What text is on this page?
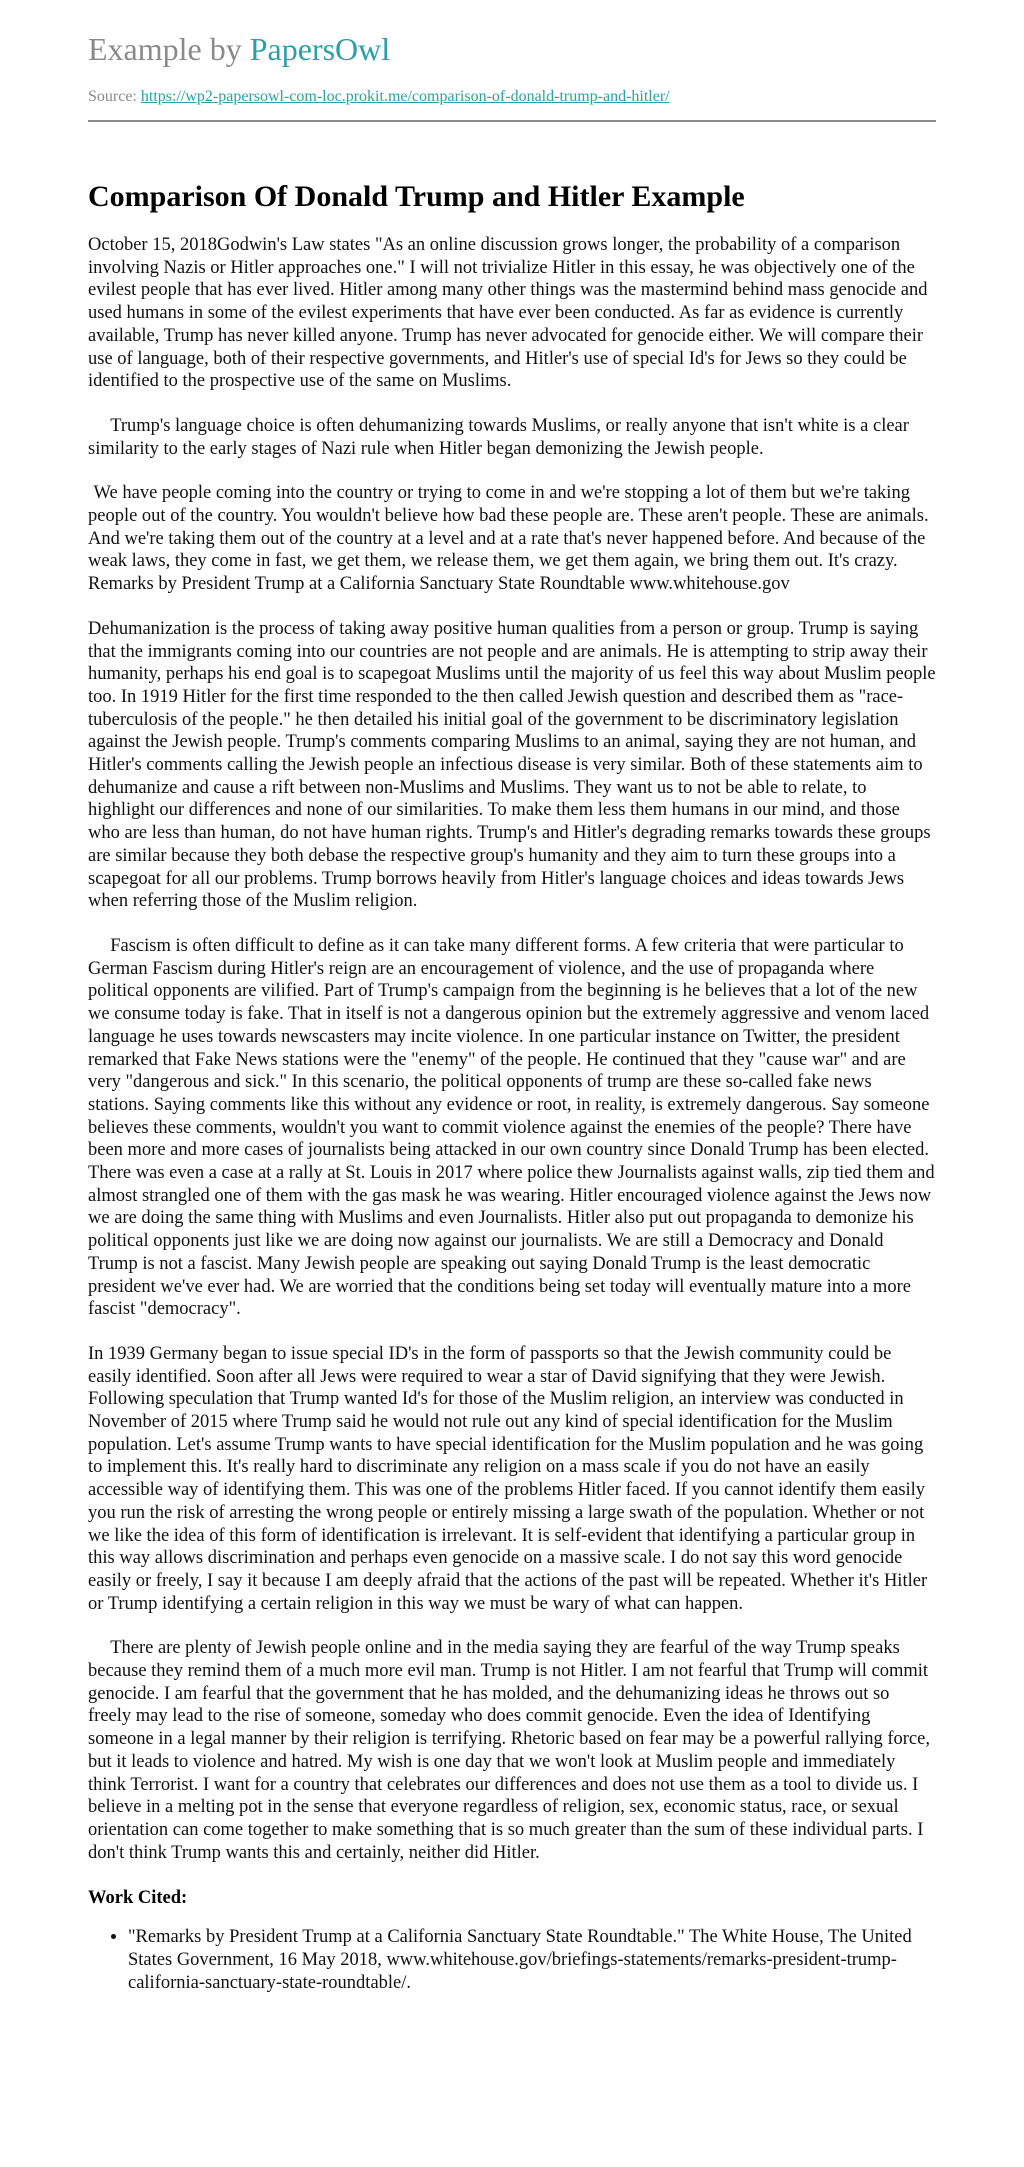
Example by PapersOwl
Source: https://wp2-papersowl-com-loc.prokit.me/comparison-of-donald-trump-and-hitler/
Comparison Of Donald Trump and Hitler Example

October 15, 2018Godwin's Law states "As an online discussion grows longer, the probability of a comparison involving Nazis or Hitler approaches one." I will not trivialize Hitler in this essay, he was objectively one of the evilest people that has ever lived. Hitler among many other things was the mastermind behind mass genocide and used humans in some of the evilest experiments that have ever been conducted. As far as evidence is currently available, Trump has never killed anyone. Trump has never advocated for genocide either. We will compare their use of language, both of their respective governments, and Hitler's use of special Id's for Jews so they could be identified to the prospective use of the same on Muslims.

Trump's language choice is often dehumanizing towards Muslims, or really anyone that isn't white is a clear similarity to the early stages of Nazi rule when Hitler began demonizing the Jewish people.

We have people coming into the country or trying to come in and we're stopping a lot of them but we're taking people out of the country. You wouldn't believe how bad these people are. These aren't people. These are animals. And we're taking them out of the country at a level and at a rate that's never happened before. And because of the weak laws, they come in fast, we get them, we release them, we get them again, we bring them out. It's crazy. Remarks by President Trump at a California Sanctuary State Roundtable www.whitehouse.gov

Dehumanization is the process of taking away positive human qualities from a person or group. Trump is saying that the immigrants coming into our countries are not people and are animals. He is attempting to strip away their humanity, perhaps his end goal is to scapegoat Muslims until the majority of us feel this way about Muslim people too. In 1919 Hitler for the first time responded to the then called Jewish question and described them as "race-tuberculosis of the people." he then detailed his initial goal of the government to be discriminatory legislation against the Jewish people. Trump's comments comparing Muslims to an animal, saying they are not human, and Hitler's comments calling the Jewish people an infectious disease is very similar. Both of these statements aim to dehumanize and cause a rift between non-Muslims and Muslims. They want us to not be able to relate, to highlight our differences and none of our similarities. To make them less them humans in our mind, and those who are less than human, do not have human rights. Trump's and Hitler's degrading remarks towards these groups are similar because they both debase the respective group's humanity and they aim to turn these groups into a scapegoat for all our problems. Trump borrows heavily from Hitler's language choices and ideas towards Jews when referring those of the Muslim religion.

Fascism is often difficult to define as it can take many different forms. A few criteria that were particular to German Fascism during Hitler's reign are an encouragement of violence, and the use of propaganda where political opponents are vilified. Part of Trump's campaign from the beginning is he believes that a lot of the new we consume today is fake. That in itself is not a dangerous opinion but the extremely aggressive and venom laced language he uses towards newscasters may incite violence. In one particular instance on Twitter, the president remarked that Fake News stations were the "enemy" of the people. He continued that they "cause war" and are very "dangerous and sick." In this scenario, the political opponents of trump are these so-called fake news stations. Saying comments like this without any evidence or root, in reality, is extremely dangerous. Say someone believes these comments, wouldn't you want to commit violence against the enemies of the people? There have been more and more cases of journalists being attacked in our own country since Donald Trump has been elected. There was even a case at a rally at St. Louis in 2017 where police thew Journalists against walls, zip tied them and almost strangled one of them with the gas mask he was wearing. Hitler encouraged violence against the Jews now we are doing the same thing with Muslims and even Journalists. Hitler also put out propaganda to demonize his political opponents just like we are doing now against our journalists. We are still a Democracy and Donald Trump is not a fascist. Many Jewish people are speaking out saying Donald Trump is the least democratic president we've ever had. We are worried that the conditions being set today will eventually mature into a more fascist "democracy".

In 1939 Germany began to issue special ID's in the form of passports so that the Jewish community could be easily identified. Soon after all Jews were required to wear a star of David signifying that they were Jewish. Following speculation that Trump wanted Id's for those of the Muslim religion, an interview was conducted in November of 2015 where Trump said he would not rule out any kind of special identification for the Muslim population. Let's assume Trump wants to have special identification for the Muslim population and he was going to implement this. It's really hard to discriminate any religion on a mass scale if you do not have an easily accessible way of identifying them. This was one of the problems Hitler faced. If you cannot identify them easily you run the risk of arresting the wrong people or entirely missing a large swath of the population. Whether or not we like the idea of this form of identification is irrelevant. It is self-evident that identifying a particular group in this way allows discrimination and perhaps even genocide on a massive scale. I do not say this word genocide easily or freely, I say it because I am deeply afraid that the actions of the past will be repeated. Whether it's Hitler or Trump identifying a certain religion in this way we must be wary of what can happen.

There are plenty of Jewish people online and in the media saying they are fearful of the way Trump speaks because they remind them of a much more evil man. Trump is not Hitler. I am not fearful that Trump will commit genocide. I am fearful that the government that he has molded, and the dehumanizing ideas he throws out so freely may lead to the rise of someone, someday who does commit genocide. Even the idea of Identifying someone in a legal manner by their religion is terrifying. Rhetoric based on fear may be a powerful rallying force, but it leads to violence and hatred. My wish is one day that we won't look at Muslim people and immediately think Terrorist. I want for a country that celebrates our differences and does not use them as a tool to divide us. I believe in a melting pot in the sense that everyone regardless of religion, sex, economic status, race, or sexual orientation can come together to make something that is so much greater than the sum of these individual parts. I don't think Trump wants this and certainly, neither did Hitler.

Work Cited:
• "Remarks by President Trump at a California Sanctuary State Roundtable." The White House, The United States Government, 16 May 2018, www.whitehouse.gov/briefings-statements/remarks-president-trump-california-sanctuary-state-roundtable/.
